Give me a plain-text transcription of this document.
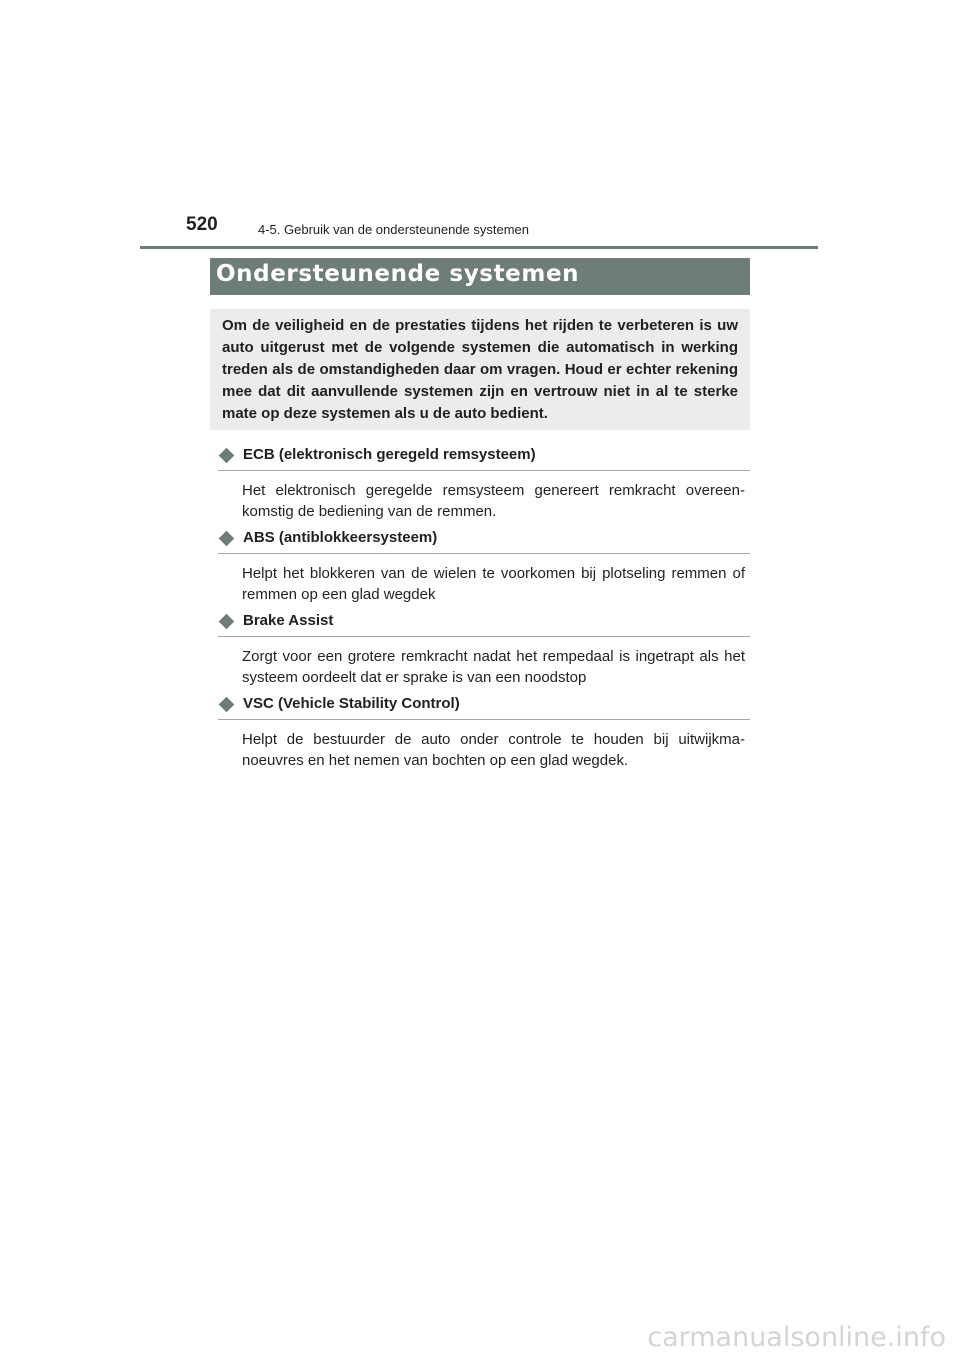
520	4-5. Gebruik van de ondersteunende systemen
Ondersteunende systemen
Om de veiligheid en de prestaties tijdens het rijden te verbeteren is uw auto uitgerust met de volgende systemen die automatisch in werking treden als de omstandigheden daar om vragen. Houd er echter rekening mee dat dit aanvullende systemen zijn en vertrouw niet in al te sterke mate op deze systemen als u de auto bedient.
ECB (elektronisch geregeld remsysteem)
Het elektronisch geregelde remsysteem genereert remkracht overeenkomstig de bediening van de remmen.
ABS (antiblokkeersysteem)
Helpt het blokkeren van de wielen te voorkomen bij plotseling remmen of remmen op een glad wegdek
Brake Assist
Zorgt voor een grotere remkracht nadat het rempedaal is ingetrapt als het systeem oordeelt dat er sprake is van een noodstop
VSC (Vehicle Stability Control)
Helpt de bestuurder de auto onder controle te houden bij uitwijkmanoeuvres en het nemen van bochten op een glad wegdek.
carmanualsonline.info
